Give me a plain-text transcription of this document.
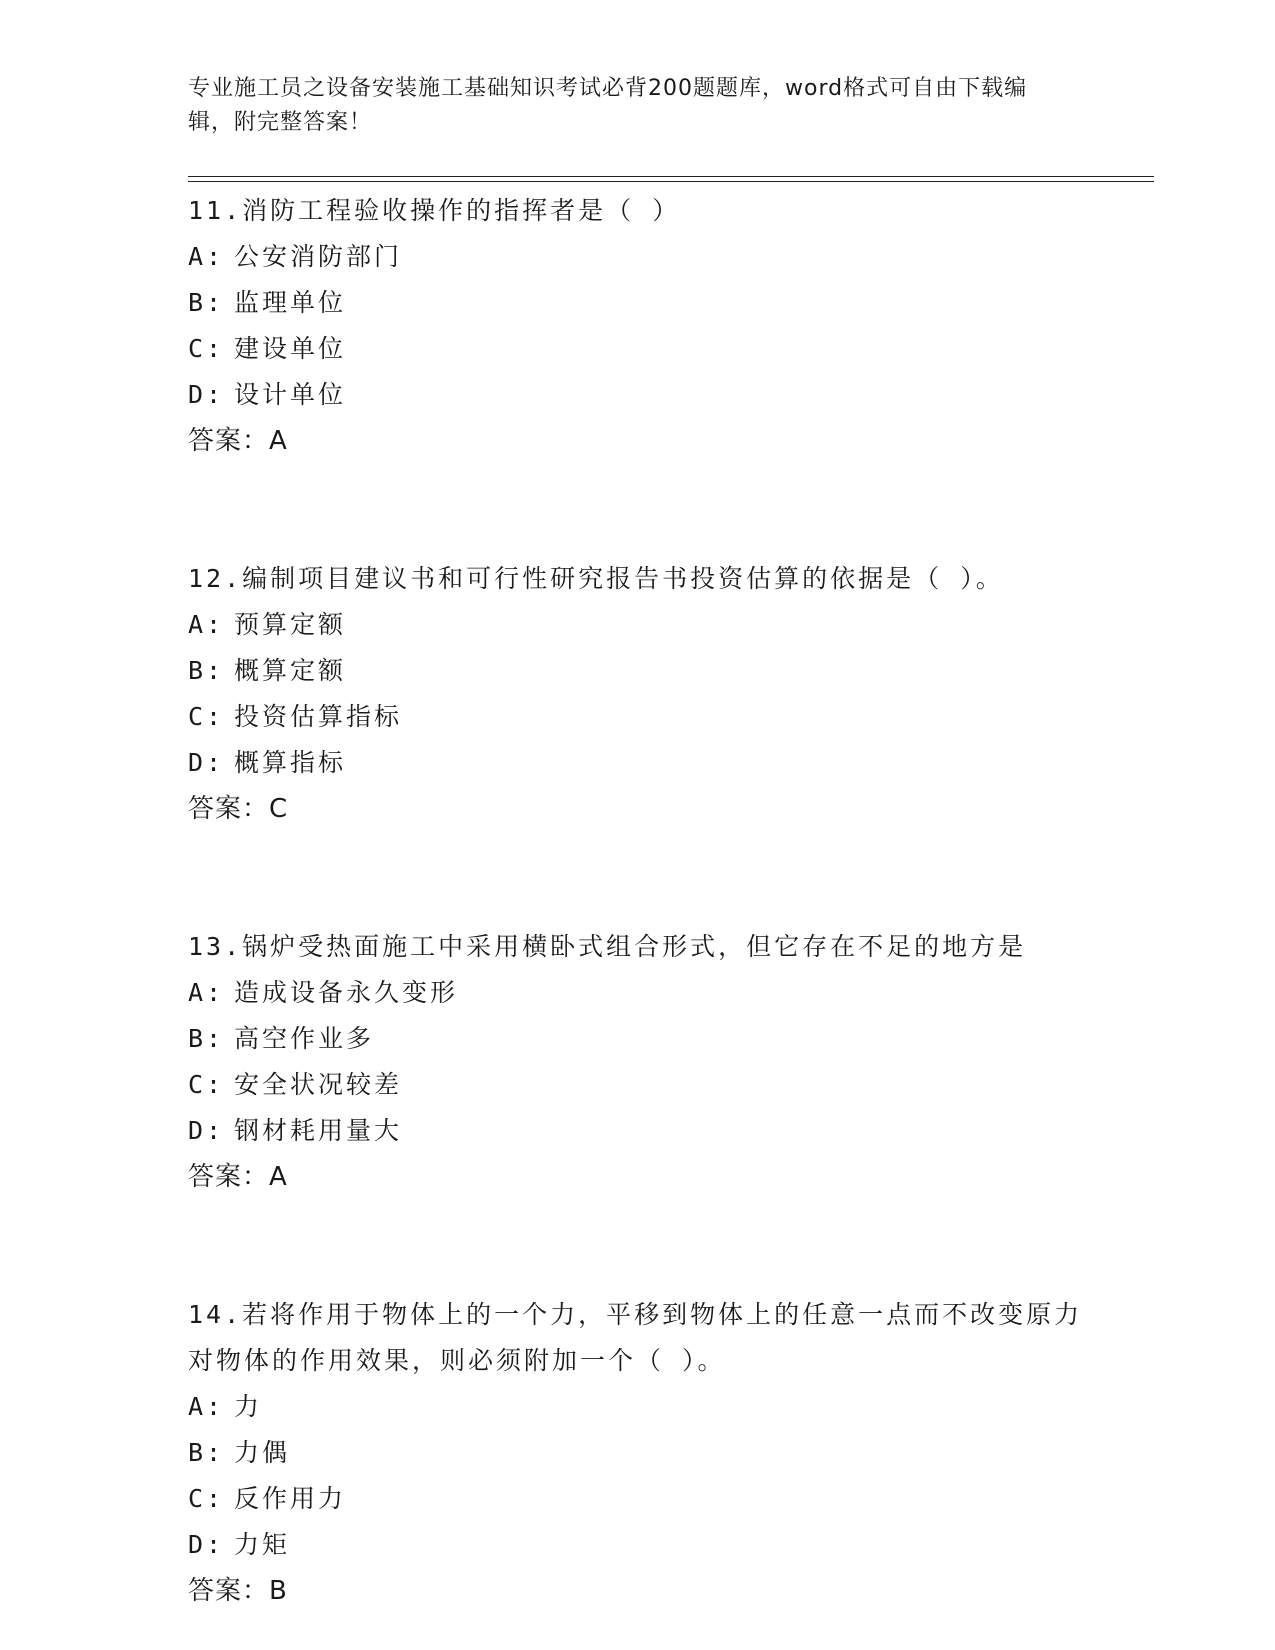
专业施工员之设备安装施工基础知识考试必背200题题库，word格式可自由下载编辑，附完整答案！
11.消防工程验收操作的指挥者是（ ）
A: 公安消防部门
B: 监理单位
C: 建设单位
D: 设计单位
答案：A
12.编制项目建议书和可行性研究报告书投资估算的依据是（ ）。
A: 预算定额
B: 概算定额
C: 投资估算指标
D: 概算指标
答案：C
13.锅炉受热面施工中采用横卧式组合形式，但它存在不足的地方是
A: 造成设备永久变形
B: 高空作业多
C: 安全状况较差
D: 钢材耗用量大
答案：A
14.若将作用于物体上的一个力，平移到物体上的任意一点而不改变原力对物体的作用效果，则必须附加一个（ ）。
A: 力
B: 力偶
C: 反作用力
D: 力矩
答案：B
